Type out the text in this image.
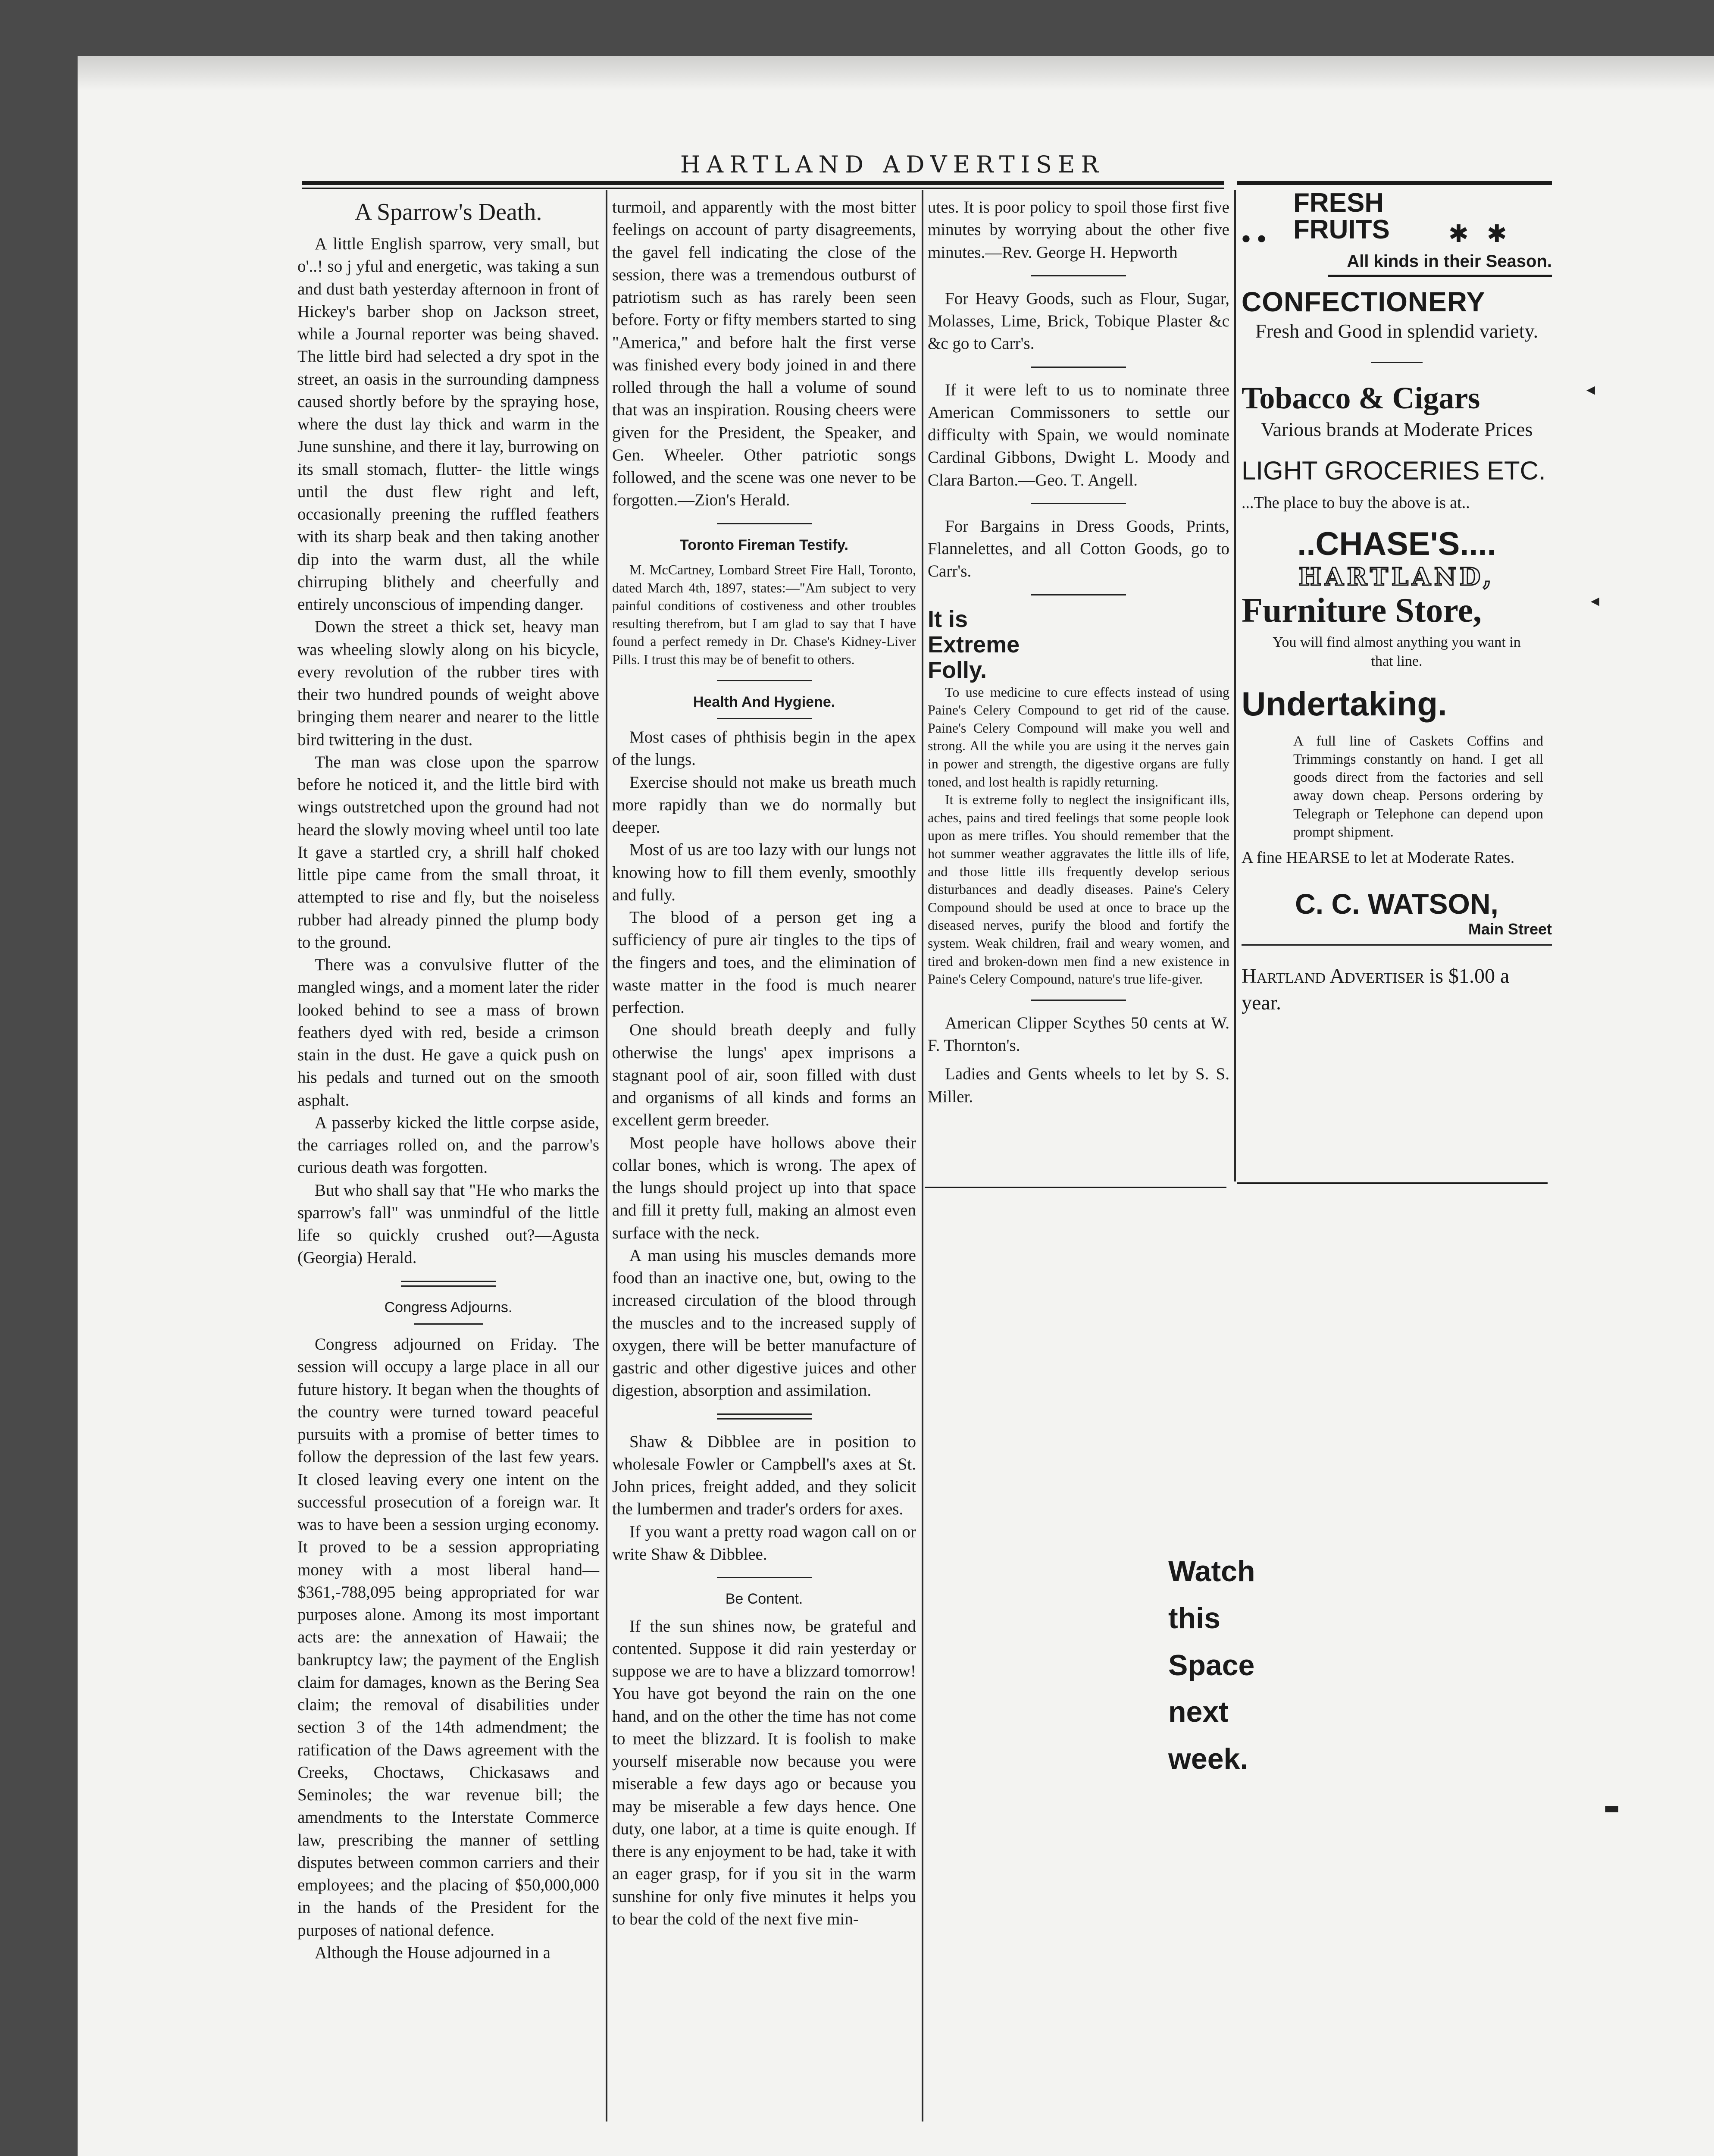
HARTLAND ADVERTISER
A Sparrow's Death.

A little English sparrow, very small, but o'..! so j yful and energetic, was taking a sun and dust bath yesterday afternoon in front of Hickey's barber shop on Jackson street, while a Journal reporter was being shaved. The little bird had selected a dry spot in the street, an oasis in the surrounding dampness caused shortly before by the spraying hose, where the dust lay thick and warm in the June sunshine, and there it lay, burrowing on its small stomach, flutter- the little wings until the dust flew right and left, occasionally preening the ruffled feathers with its sharp beak and then taking another dip into the warm dust, all the while chirruping blithely and cheerfully and entirely unconscious of impending danger.

Down the street a thick set, heavy man was wheeling slowly along on his bicycle, every revolution of the rubber tires with their two hundred pounds of weight above bringing them nearer and nearer to the little bird twittering in the dust.

The man was close upon the sparrow before he noticed it, and the little bird with wings outstretched upon the ground had not heard the slowly moving wheel until too late It gave a startled cry, a shrill half choked little pipe came from the small throat, it attempted to rise and fly, but the noiseless rubber had already pinned the plump body to the ground.

There was a convulsive flutter of the mangled wings, and a moment later the rider looked behind to see a mass of brown feathers dyed with red, beside a crimson stain in the dust. He gave a quick push on his pedals and turned out on the smooth asphalt.

A passerby kicked the little corpse aside, the carriages rolled on, and the parrow's curious death was forgotten.

But who shall say that "He who marks the sparrow's fall" was unmindful of the little life so quickly crushed out?—Agusta (Georgia) Herald.

Congress Adjourns.

Congress adjourned on Friday. The session will occupy a large place in all our future history. It began when the thoughts of the country were turned toward peaceful pursuits with a promise of better times to follow the depression of the last few years. It closed leaving every one intent on the successful prosecution of a foreign war. It was to have been a session urging economy. It proved to be a session appropriating money with a most liberal hand—$361,-788,095 being appropriated for war purposes alone. Among its most important acts are: the annexation of Hawaii; the bankruptcy law; the payment of the English claim for damages, known as the Bering Sea claim; the removal of disabilities under section 3 of the 14th admendment; the ratification of the Daws agreement with the Creeks, Choctaws, Chickasaws and Seminoles; the war revenue bill; the amendments to the Interstate Commerce law, prescribing the manner of settling disputes between common carriers and their employees; and the placing of $50,000,000 in the hands of the President for the purposes of national defence.

Although the House adjourned in a

turmoil, and apparently with the most bitter feelings on account of party disagreements, the gavel fell indicating the close of the session, there was a tremendous outburst of patriotism such as has rarely been seen before. Forty or fifty members started to sing "America," and before halt the first verse was finished every body joined in and there rolled through the hall a volume of sound that was an inspiration. Rousing cheers were given for the President, the Speaker, and Gen. Wheeler. Other patriotic songs followed, and the scene was one never to be forgotten.—Zion's Herald.

Toronto Fireman Testify.

M. McCartney, Lombard Street Fire Hall, Toronto, dated March 4th, 1897, states:—"Am subject to very painful conditions of costiveness and other troubles resulting therefrom, but I am glad to say that I have found a perfect remedy in Dr. Chase's Kidney-Liver Pills. I trust this may be of benefit to others.

Health And Hygiene.

Most cases of phthisis begin in the apex of the lungs.

Exercise should not make us breath much more rapidly than we do normally but deeper.

Most of us are too lazy with our lungs not knowing how to fill them evenly, smoothly and fully.

The blood of a person get ing a sufficiency of pure air tingles to the tips of the fingers and toes, and the elimination of waste matter in the food is much nearer perfection.

One should breath deeply and fully otherwise the lungs' apex imprisons a stagnant pool of air, soon filled with dust and organisms of all kinds and forms an excellent germ breeder.

Most people have hollows above their collar bones, which is wrong. The apex of the lungs should project up into that space and fill it pretty full, making an almost even surface with the neck.

A man using his muscles demands more food than an inactive one, but, owing to the increased circulation of the blood through the muscles and to the increased supply of oxygen, there will be better manufacture of gastric and other digestive juices and other digestion, absorption and assimilation.

Shaw & Dibblee are in position to wholesale Fowler or Campbell's axes at St. John prices, freight added, and they solicit the lumbermen and trader's orders for axes.

If you want a pretty road wagon call on or write Shaw & Dibblee.

Be Content.

If the sun shines now, be grateful and contented. Suppose it did rain yesterday or suppose we are to have a blizzard tomorrow! You have got beyond the rain on the one hand, and on the other the time has not come to meet the blizzard. It is foolish to make yourself miserable now because you were miserable a few days ago or because you may be miserable a few days hence. One duty, one labor, at a time is quite enough. If there is any enjoyment to be had, take it with an eager grasp, for if you sit in the warm sunshine for only five minutes it helps you to bear the cold of the next five min-

utes. It is poor policy to spoil those first five minutes by worrying about the other five minutes.—Rev. George H. Hepworth

For Heavy Goods, such as Flour, Sugar, Molasses, Lime, Brick, Tobique Plaster &c &c go to Carr's.

If it were left to us to nominate three American Commissoners to settle our difficulty with Spain, we would nominate Cardinal Gibbons, Dwight L. Moody and Clara Barton.—Geo. T. Angell.

For Bargains in Dress Goods, Prints, Flannelettes, and all Cotton Goods, go to Carr's.

It is Extreme Folly.

To use medicine to cure effects instead of using Paine's Celery Compound to get rid of the cause. Paine's Celery Compound will make you well and strong. All the while you are using it the nerves gain in power and strength, the digestive organs are fully toned, and lost health is rapidly returning.

It is extreme folly to neglect the insignificant ills, aches, pains and tired feelings that some people look upon as mere trifles. You should remember that the hot summer weather aggravates the little ills of life, and those little ills frequently develop serious disturbances and deadly diseases. Paine's Celery Compound should be used at once to brace up the diseased nerves, purify the blood and fortify the system. Weak children, frail and weary women, and tired and broken-down men find a new existence in Paine's Celery Compound, nature's true life-giver.

American Clipper Scythes 50 cents at W. F. Thornton's.

Ladies and Gents wheels to let by S. S. Miller.

• •	✱   ✱
FRESH
FRUITS
All kinds in their Season.
CONFECTIONERY
Fresh and Good in splendid variety.
Tobacco & Cigars
Various brands at Moderate Prices
LIGHT GROCERIES ETC.
...The place to buy the above is at..
..CHASE'S....
HARTLAND,
Furniture Store,
You will find almost anything you want in that line.
Undertaking.
A full line of Caskets Coffins and Trimmings constantly on hand. I get all goods direct from the factories and sell away down cheap. Persons ordering by Telegraph or Telephone can depend upon prompt shipment.
A fine HEARSE to let at Moderate Rates.
C. C. WATSON,
Main Street
Hartland Advertiser is $1.00 a year.
Watch
this
Space
next
week.
◂
◂
▬
